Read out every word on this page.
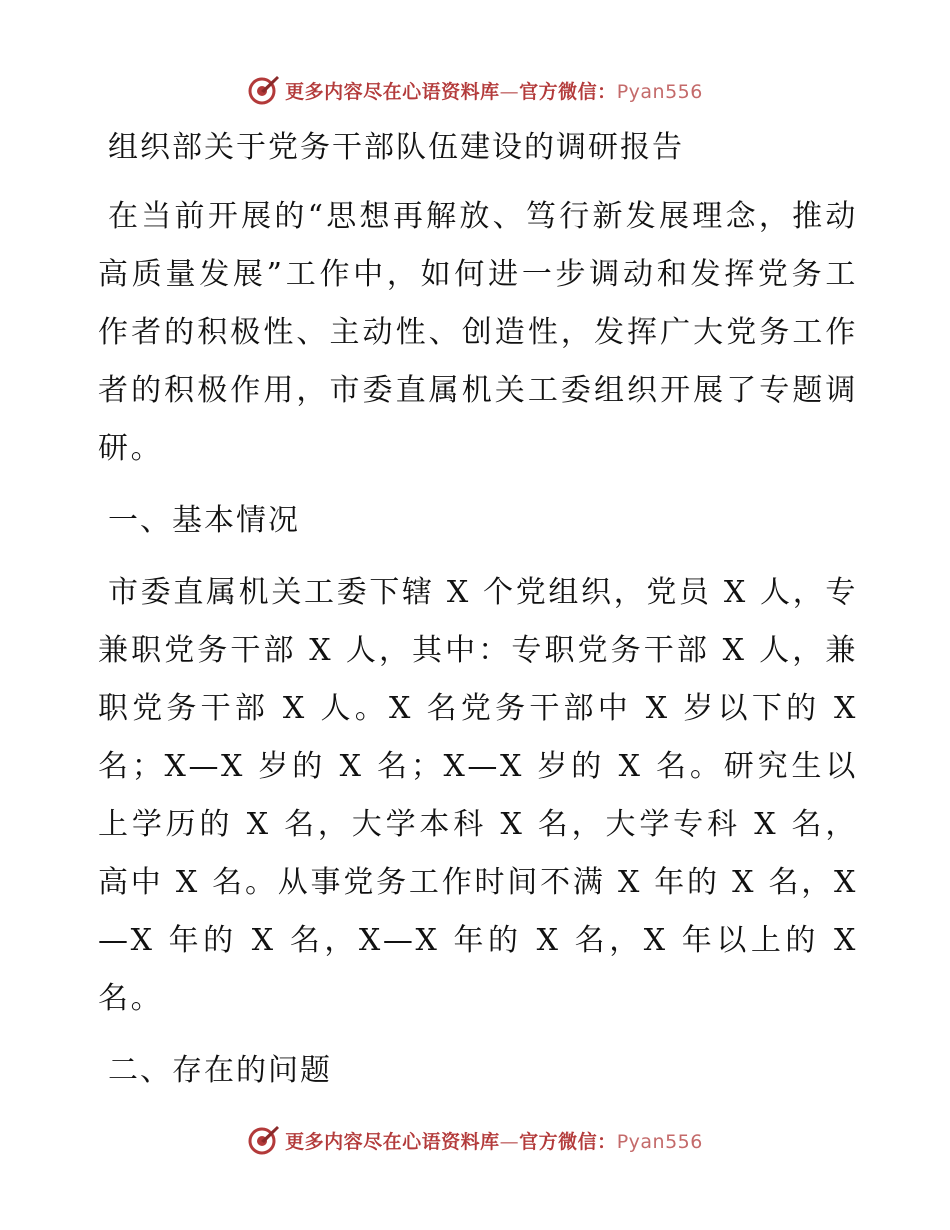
更多内容尽在心语资料库—官方微信：Pyan556
组织部关于党务干部队伍建设的调研报告

在当前开展的“思想再解放、笃行新发展理念，推动高质量发展”工作中，如何进一步调动和发挥党务工作者的积极性、主动性、创造性，发挥广大党务工作者的积极作用，市委直属机关工委组织开展了专题调研。

一、基本情况

市委直属机关工委下辖 X 个党组织，党员 X 人，专兼职党务干部 X 人，其中：专职党务干部 X 人，兼职党务干部 X 人。X 名党务干部中 X 岁以下的 X 名；X—X 岁的 X 名；X—X 岁的 X 名。研究生以上学历的 X 名，大学本科 X 名，大学专科 X 名，高中 X 名。从事党务工作时间不满 X 年的 X 名，X—X 年的 X 名，X—X 年的 X 名，X 年以上的 X 名。

二、存在的问题
更多内容尽在心语资料库—官方微信：Pyan556
